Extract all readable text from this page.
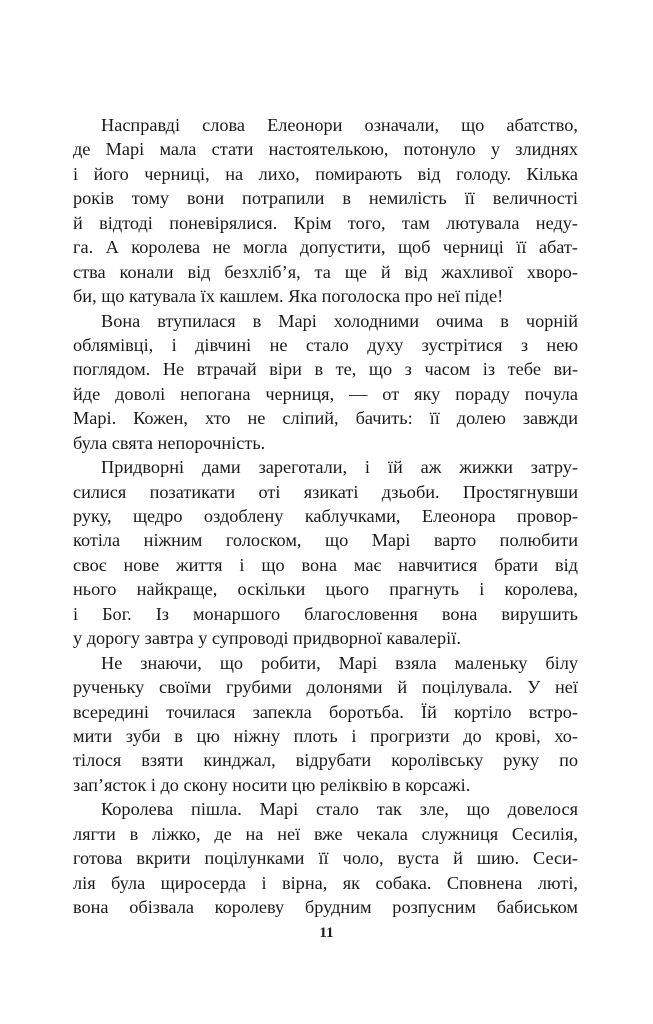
Насправді слова Елеонори означали, що абатство,
де Марі мала стати настоятелькою, потонуло у злиднях
і його черниці, на лихо, помирають від голоду. Кілька
років тому вони потрапили в немилість її величності
й відтоді поневірялися. Крім того, там лютувала неду-
га. А королева не могла допустити, щоб черниці її абат-
ства конали від безхліб’я, та ще й від жахливої хворо-
би, що катувала їх кашлем. Яка поголоска про неї піде!
Вона втупилася в Марі холодними очима в чорній
облямівці, і дівчині не стало духу зустрітися з нею
поглядом. Не втрачай віри в те, що з часом із тебе ви-
йде доволі непогана черниця, — от яку пораду почула
Марі. Кожен, хто не сліпий, бачить: її долею завжди
була свята непорочність.
Придворні дами зареготали, і їй аж жижки затру-
силися позатикати оті язикаті дзьоби. Простягнувши
руку, щедро оздоблену каблучками, Елеонора провор-
котіла ніжним голоском, що Марі варто полюбити
своє нове життя і що вона має навчитися брати від
нього найкраще, оскільки цього прагнуть і королева,
і Бог. Із монаршого благословення вона вирушить
у дорогу завтра у супроводі придворної кавалерії.
Не знаючи, що робити, Марі взяла маленьку білу
рученьку своїми грубими долонями й поцілувала. У неї
всередині точилася запекла боротьба. Їй кортіло встро-
мити зуби в цю ніжну плоть і прогризти до крові, хо-
тілося взяти кинджал, відрубати королівську руку по
зап’ясток і до скону носити цю реліквію в корсажі.
Королева пішла. Марі стало так зле, що довелося
лягти в ліжко, де на неї вже чекала служниця Сесилія,
готова вкрити поцілунками її чоло, вуста й шию. Сеси-
лія була щиросерда і вірна, як собака. Сповнена люті,
вона обізвала королеву брудним розпусним бабиськом
11
